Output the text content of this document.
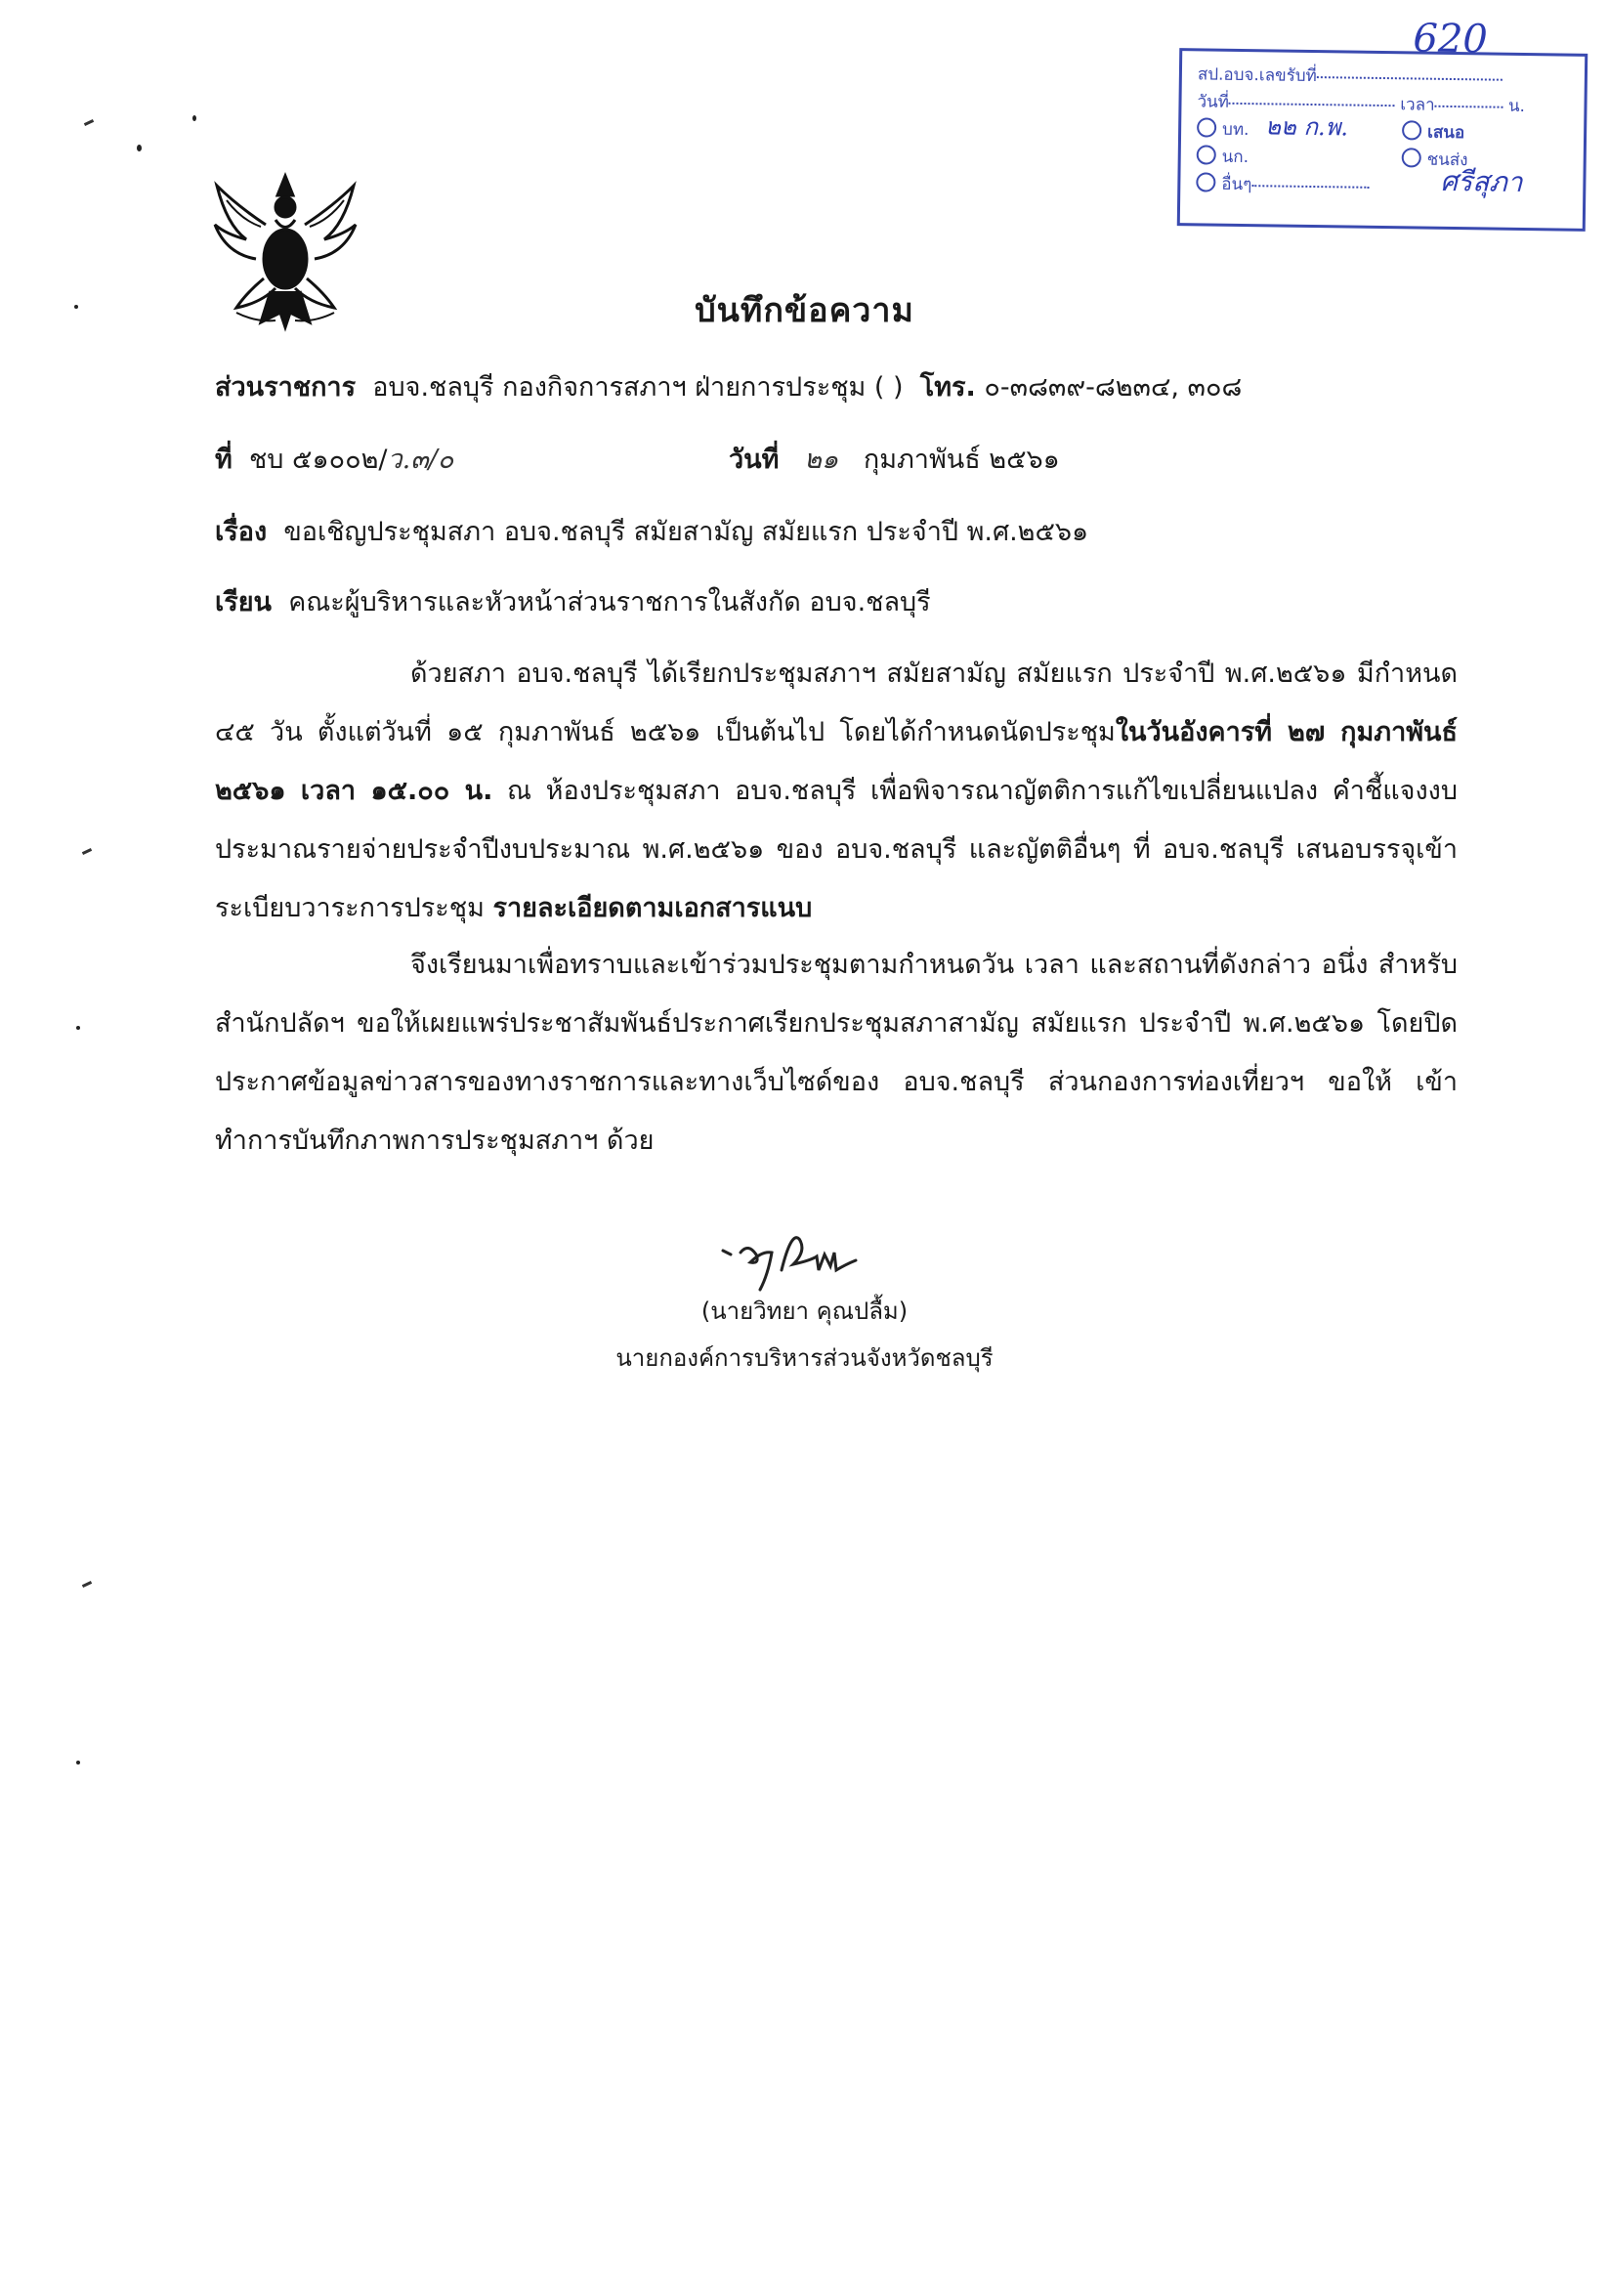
620
สป.อบจ.เลขรับที่
วันที่	เวลา	น.
บท. ๒๒ ก.พ.	เสนอ
นก.	ชนส่ง
อื่นๆ	ศรีสุภา
บันทึกข้อความ
ส่วนราชการ อบจ.ชลบุรี กองกิจการสภาฯ ฝ่ายการประชุม ( ) โทร. ๐-๓๘๓๙-๘๒๓๔, ๓๐๘
ที่ ชบ ๕๑๐๐๒/ว.๓/๐	วันที่ ๒๑ กุมภาพันธ์ ๒๕๖๑
เรื่อง ขอเชิญประชุมสภา อบจ.ชลบุรี สมัยสามัญ สมัยแรก ประจำปี พ.ศ.๒๕๖๑
เรียน คณะผู้บริหารและหัวหน้าส่วนราชการในสังกัด อบจ.ชลบุรี
ด้วยสภา อบจ.ชลบุรี ได้เรียกประชุมสภาฯ สมัยสามัญ สมัยแรก ประจำปี พ.ศ.๒๕๖๑ มีกำหนด ๔๕ วัน ตั้งแต่วันที่ ๑๕ กุมภาพันธ์ ๒๕๖๑ เป็นต้นไป โดยได้กำหนดนัดประชุมในวันอังคารที่ ๒๗ กุมภาพันธ์ ๒๕๖๑ เวลา ๑๕.๐๐ น. ณ ห้องประชุมสภา อบจ.ชลบุรี เพื่อพิจารณาญัตติการแก้ไขเปลี่ยนแปลง คำชี้แจงงบประมาณรายจ่ายประจำปีงบประมาณ พ.ศ.๒๕๖๑ ของ อบจ.ชลบุรี และญัตติอื่นๆ ที่ อบจ.ชลบุรี เสนอบรรจุเข้าระเบียบวาระการประชุม รายละเอียดตามเอกสารแนบ
จึงเรียนมาเพื่อทราบและเข้าร่วมประชุมตามกำหนดวัน เวลา และสถานที่ดังกล่าว อนึ่ง สำหรับ สำนักปลัดฯ ขอให้เผยแพร่ประชาสัมพันธ์ประกาศเรียกประชุมสภาสามัญ สมัยแรก ประจำปี พ.ศ.๒๕๖๑ โดยปิดประกาศข้อมูลข่าวสารของทางราชการและทางเว็บไซด์ของ อบจ.ชลบุรี ส่วนกองการท่องเที่ยวฯ ขอให้ เข้าทำการบันทึกภาพการประชุมสภาฯ ด้วย
(นายวิทยา คุณปลื้ม)
นายกองค์การบริหารส่วนจังหวัดชลบุรี
